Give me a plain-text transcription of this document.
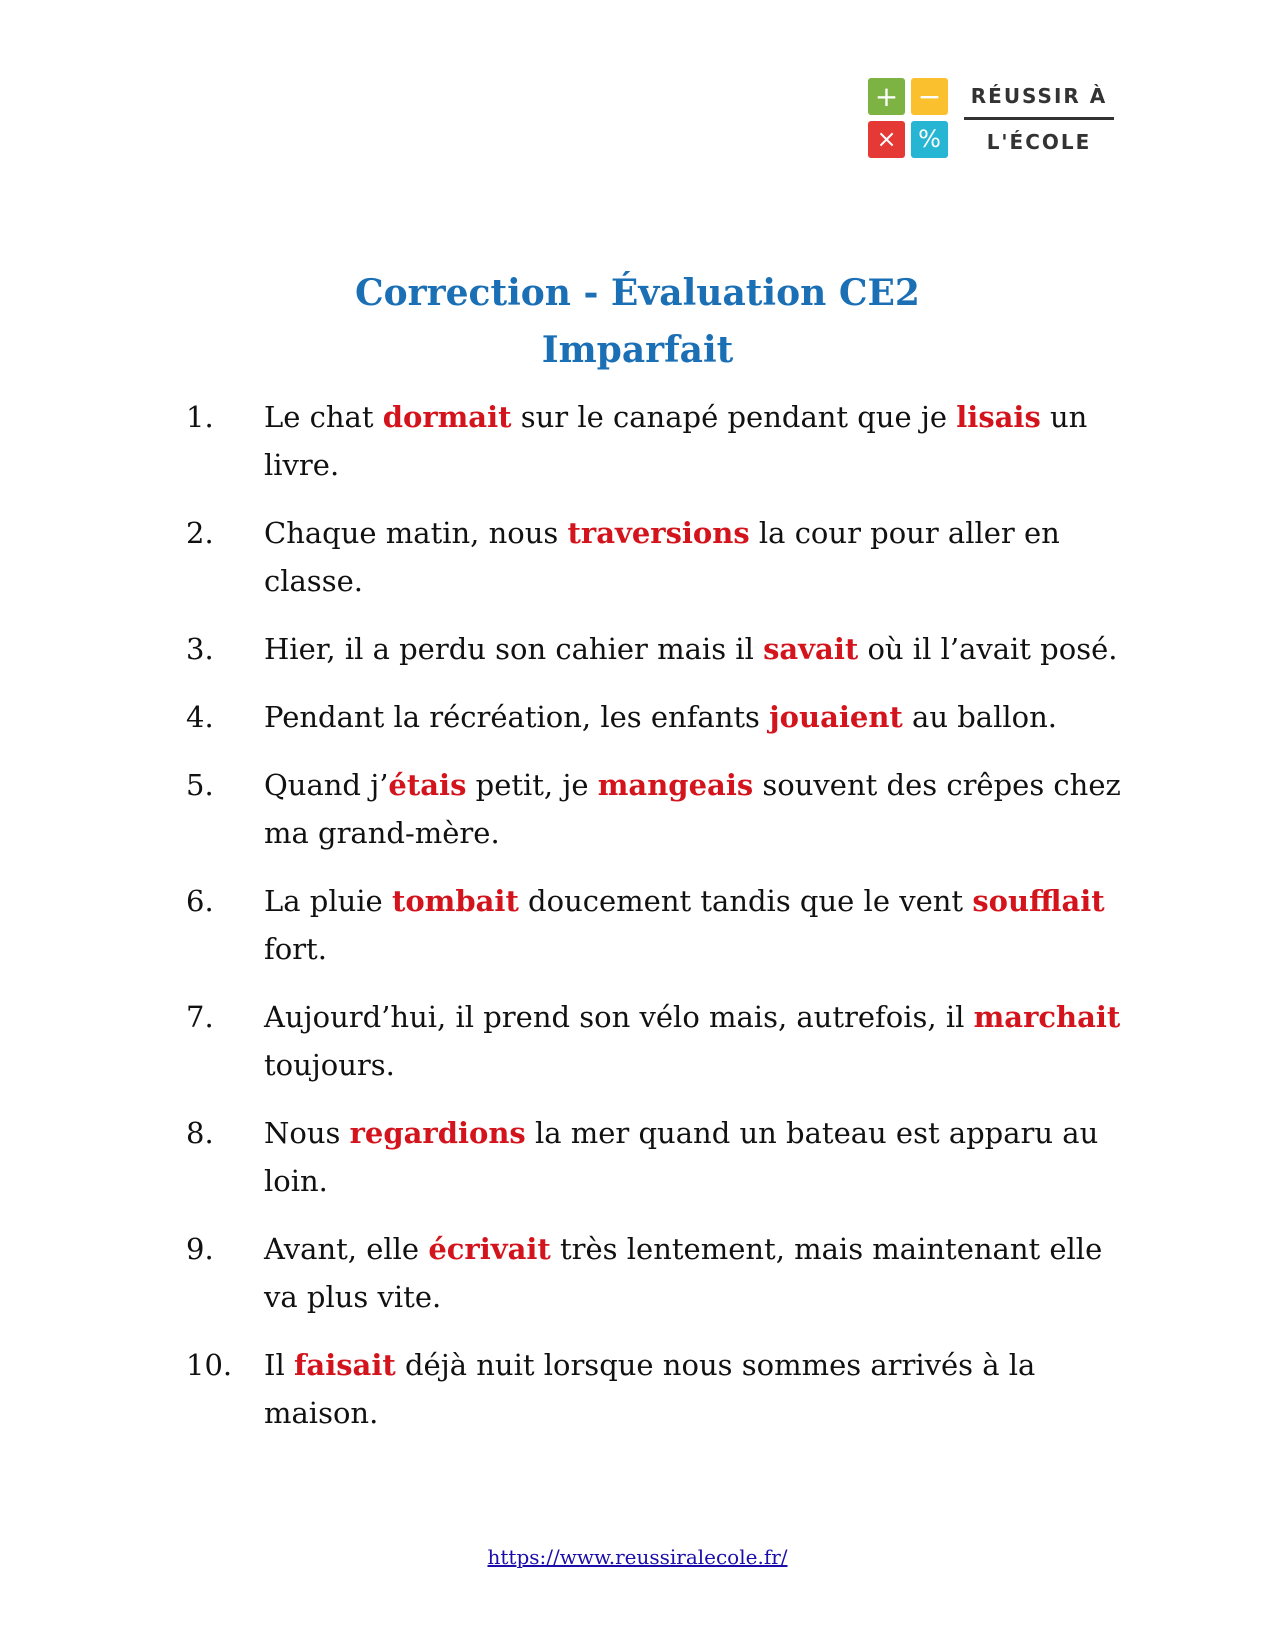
+ −
× %
RÉUSSIR À
L'ÉCOLE
Correction - Évaluation CE2
Imparfait
1. Le chat dormait sur le canapé pendant que je lisais un livre.
2. Chaque matin, nous traversions la cour pour aller en classe.
3. Hier, il a perdu son cahier mais il savait où il l’avait posé.
4. Pendant la récréation, les enfants jouaient au ballon.
5. Quand j’étais petit, je mangeais souvent des crêpes chez ma grand-mère.
6. La pluie tombait doucement tandis que le vent soufflait fort.
7. Aujourd’hui, il prend son vélo mais, autrefois, il marchait toujours.
8. Nous regardions la mer quand un bateau est apparu au loin.
9. Avant, elle écrivait très lentement, mais maintenant elle va plus vite.
10. Il faisait déjà nuit lorsque nous sommes arrivés à la maison.
https://www.reussiralecole.fr/
